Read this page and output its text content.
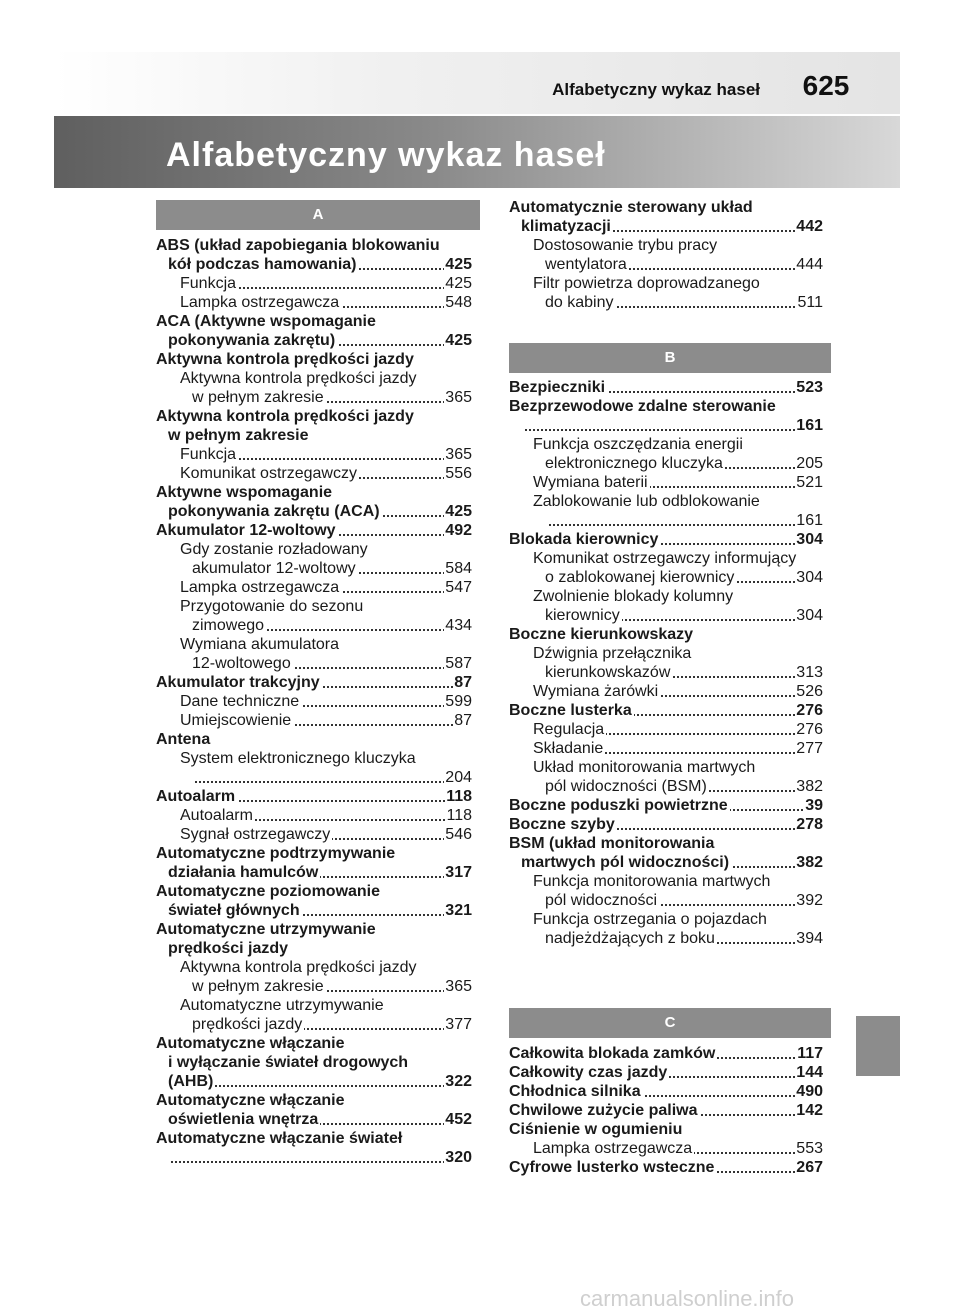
Alfabetyczny wykaz haseł 625
Alfabetyczny wykaz haseł
A
B
C
ABS (układ zapobiegania blokowaniu
kół podczas hamowania)	425
Funkcja	425
Lampka ostrzegawcza	548
ACA (Aktywne wspomaganie
pokonywania zakrętu)	425
Aktywna kontrola prędkości jazdy
Aktywna kontrola prędkości jazdy
w pełnym zakresie	365
Aktywna kontrola prędkości jazdy
w pełnym zakresie
Funkcja	365
Komunikat ostrzegawczy	556
Aktywne wspomaganie
pokonywania zakrętu (ACA)	425
Akumulator 12-woltowy	492
Gdy zostanie rozładowany
akumulator 12-woltowy	584
Lampka ostrzegawcza	547
Przygotowanie do sezonu
zimowego	434
Wymiana akumulatora
12-woltowego	587
Akumulator trakcyjny	87
Dane techniczne	599
Umiejscowienie	87
Antena
System elektronicznego kluczyka
204
Autoalarm	118
Autoalarm	118
Sygnał ostrzegawczy	546
Automatyczne podtrzymywanie
działania hamulców	317
Automatyczne poziomowanie
świateł głównych	321
Automatyczne utrzymywanie
prędkości jazdy
Aktywna kontrola prędkości jazdy
w pełnym zakresie	365
Automatyczne utrzymywanie
prędkości jazdy	377
Automatyczne włączanie
i wyłączanie świateł drogowych
(AHB)	322
Automatyczne włączanie
oświetlenia wnętrza	452
Automatyczne włączanie świateł
320
Automatycznie sterowany układ
klimatyzacji	442
Dostosowanie trybu pracy
wentylatora	444
Filtr powietrza doprowadzanego
do kabiny	511
Bezpieczniki	523
Bezprzewodowe zdalne sterowanie
161
Funkcja oszczędzania energii
elektronicznego kluczyka	205
Wymiana baterii	521
Zablokowanie lub odblokowanie
161
Blokada kierownicy	304
Komunikat ostrzegawczy informujący
o zablokowanej kierownicy	304
Zwolnienie blokady kolumny
kierownicy	304
Boczne kierunkowskazy
Dźwignia przełącznika
kierunkowskazów	313
Wymiana żarówki	526
Boczne lusterka	276
Regulacja	276
Składanie	277
Układ monitorowania martwych
pól widoczności (BSM)	382
Boczne poduszki powietrzne	39
Boczne szyby	278
BSM (układ monitorowania
martwych pól widoczności)	382
Funkcja monitorowania martwych
pól widoczności	392
Funkcja ostrzegania o pojazdach
nadjeżdżających z boku	394
Całkowita blokada zamków	117
Całkowity czas jazdy	144
Chłodnica silnika	490
Chwilowe zużycie paliwa	142
Ciśnienie w ogumieniu
Lampka ostrzegawcza	553
Cyfrowe lusterko wsteczne	267
carmanualsonline.info
